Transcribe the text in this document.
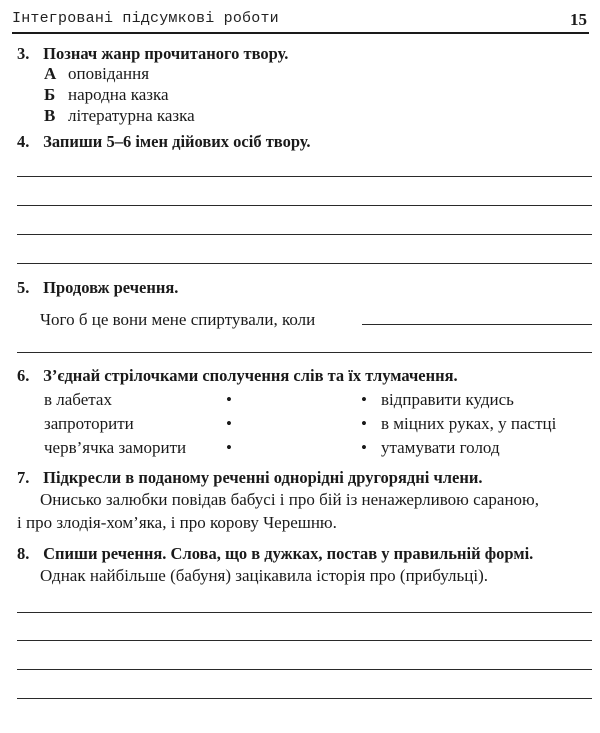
Інтегровані підсумкові роботи	15
3. Познач жанр прочитаного твору.
А оповідання
Б народна казка
В літературна казка
4. Запиши 5–6 імен дійових осіб твору.
5. Продовж речення.
Чого б це вони мене спиртували, коли
6. З’єднай стрілочками сполучення слів та їх тлумачення.
в лабетах
запроторити
черв’ячка заморити
•
•
•
•
•
•
відправити кудись
в міцних руках, у пастці
утамувати голод
7. Підкресли в поданому реченні однорідні другорядні члени.
Онисько залюбки повідав бабусі і про бій із ненажерливою сараною,
і про злодія-хом’яка, і про корову Черешню.
8. Спиши речення. Слова, що в дужках, постав у правильній формі.
Однак найбільше (бабуня) зацікавила історія про (прибульці).
